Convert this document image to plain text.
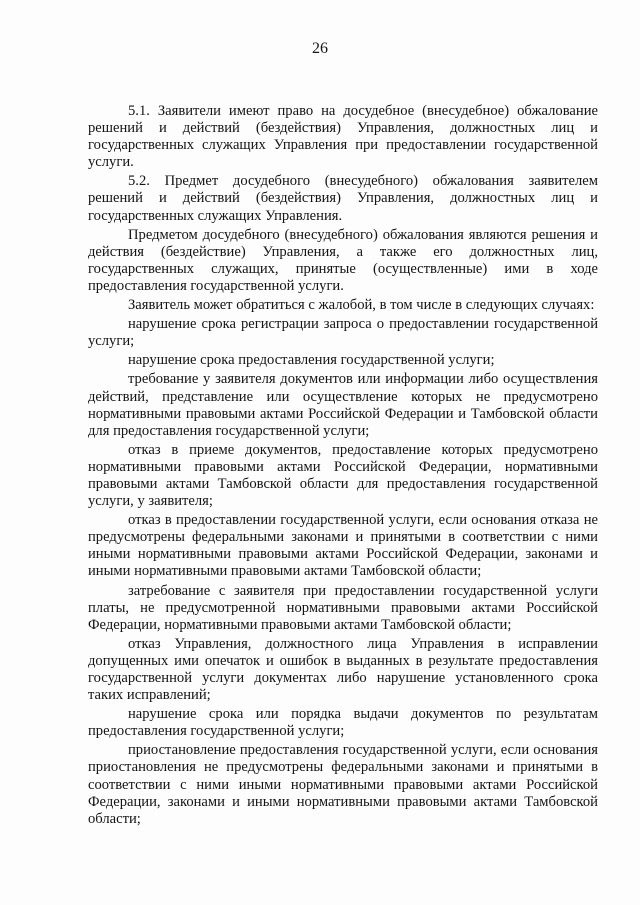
26

5.1. Заявители имеют право на досудебное (внесудебное) обжалование решений и действий (бездействия) Управления, должностных лиц и государственных служащих Управления при предоставлении государственной услуги.

5.2. Предмет досудебного (внесудебного) обжалования заявителем решений и действий (бездействия) Управления, должностных лиц и государственных служащих Управления.

Предметом досудебного (внесудебного) обжалования являются решения и действия (бездействие) Управления, а также его должностных лиц, государственных служащих, принятые (осуществленные) ими в ходе предоставления государственной услуги.

Заявитель может обратиться с жалобой, в том числе в следующих случаях:

нарушение срока регистрации запроса о предоставлении государственной услуги;

нарушение срока предоставления государственной услуги;

требование у заявителя документов или информации либо осуществления действий, представление или осуществление которых не предусмотрено нормативными правовыми актами Российской Федерации и Тамбовской области для предоставления государственной услуги;

отказ в приеме документов, предоставление которых предусмотрено нормативными правовыми актами Российской Федерации, нормативными правовыми актами Тамбовской области для предоставления государственной услуги, у заявителя;

отказ в предоставлении государственной услуги, если основания отказа не предусмотрены федеральными законами и принятыми в соответствии с ними иными нормативными правовыми актами Российской Федерации, законами и иными нормативными правовыми актами Тамбовской области;

затребование с заявителя при предоставлении государственной услуги платы, не предусмотренной нормативными правовыми актами Российской Федерации, нормативными правовыми актами Тамбовской области;

отказ Управления, должностного лица Управления в исправлении допущенных ими опечаток и ошибок в выданных в результате предоставления государственной услуги документах либо нарушение установленного срока таких исправлений;

нарушение срока или порядка выдачи документов по результатам предоставления государственной услуги;

приостановление предоставления государственной услуги, если основания приостановления не предусмотрены федеральными законами и принятыми в соответствии с ними иными нормативными правовыми актами Российской Федерации, законами и иными нормативными правовыми актами Тамбовской области;
